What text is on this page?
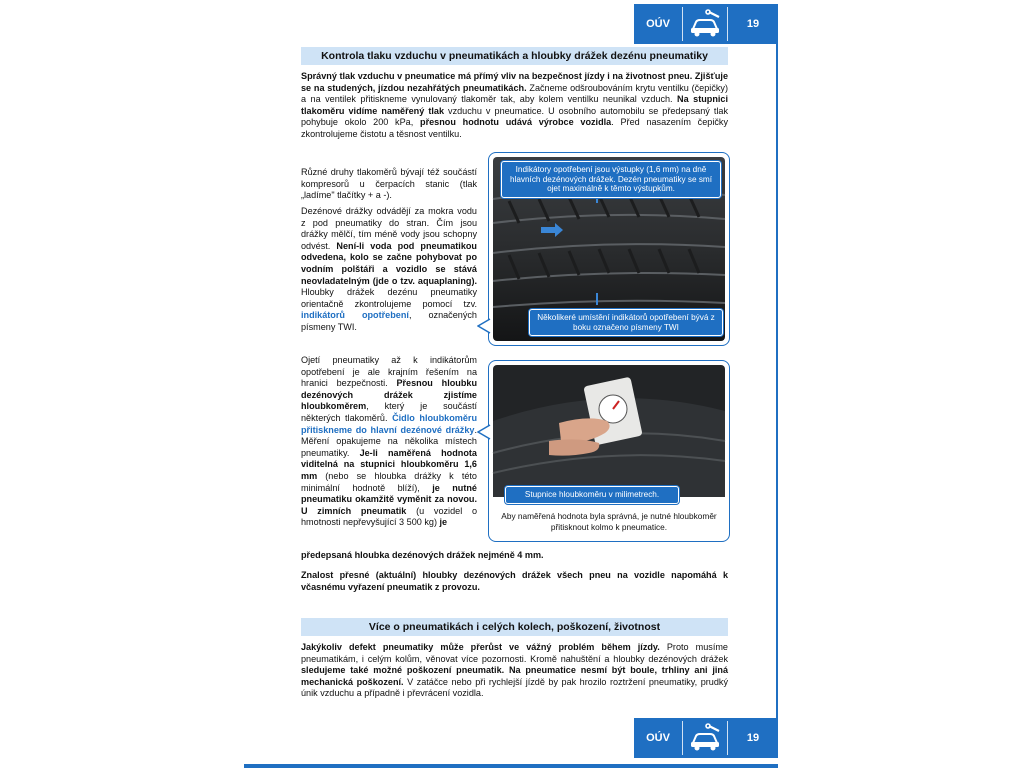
OÚV	19
Kontrola tlaku vzduchu v pneumatikách a hloubky drážek dezénu pneumatiky
Správný tlak vzduchu v pneumatice má přímý vliv na bezpečnost jízdy i na životnost pneu. Zjišťuje se na studených, jízdou nezahřátých pneumatikách. Začneme odšroubováním krytu ventilku (čepičky) a na ventilek přitiskneme vynulovaný tlakoměr tak, aby kolem ventilku neunikal vzduch. Na stupnici tlakoměru vidíme naměřený tlak vzduchu v pneumatice. U osobního automobilu se předepsaný tlak pohybuje okolo 200 kPa, přesnou hodnotu udává výrobce vozidla. Před nasazením čepičky zkontrolujeme čistotu a těsnost ventilku.
Různé druhy tlakoměrů bývají též součástí kompresorů u čerpacích stanic (tlak „ladíme" tlačítky + a -).
Dezénové drážky odvádějí za mokra vodu z pod pneumatiky do stran. Čím jsou drážky mělčí, tím méně vody jsou schopny odvést. Není-li voda pod pneumatikou odvedena, kolo se začne pohybovat po vodním polštáři a vozidlo se stává neovladatelným (jde o tzv. aquaplaning). Hloubky drážek dezénu pneumatiky orientačně zkontrolujeme pomocí tzv. indikátorů opotřebení, označených písmeny TWI.
Ojetí pneumatiky až k indikátorům opotřebení je ale krajním řešením na hranici bezpečnosti. Přesnou hloubku dezénových drážek zjistíme hloubkoměrem, který je součástí některých tlakoměrů. Čidlo hloubkoměru přitiskneme do hlavní dezénové drážky. Měření opakujeme na několika místech pneumatiky. Je-li naměřená hodnota viditelná na stupnici hloubkoměru 1,6 mm (nebo se hloubka drážky k této minimální hodnotě blíží), je nutné pneumatiku okamžitě vyměnit za novou. U zimních pneumatik (u vozidel o hmotnosti nepřevyšující 3 500 kg) je
předepsaná hloubka dezénových drážek nejméně 4 mm.
Znalost přesné (aktuální) hloubky dezénových drážek všech pneu na vozidle napomáhá k včasnému vyřazení pneumatik z provozu.
Indikátory opotřebení jsou výstupky (1,6 mm) na dně hlavních dezénových drážek. Dezén pneumatiky se smí ojet maximálně k těmto výstupkům.
Několikeré umístění indikátorů opotřebení bývá z boku označeno písmeny TWI
Stupnice hloubkoměru v milimetrech.
Aby naměřená hodnota byla správná, je nutné hloubkoměr přitisknout kolmo k pneumatice.
Více o pneumatikách i celých kolech, poškození, životnost
Jakýkoliv defekt pneumatiky může přerůst ve vážný problém během jízdy. Proto musíme pneumatikám, i celým kolům, věnovat více pozornosti. Kromě nahuštění a hloubky dezénových drážek sledujeme také možné poškození pneumatik. Na pneumatice nesmí být boule, trhliny ani jiná mechanická poškození. V zatáčce nebo při rychlejší jízdě by pak hrozilo roztržení pneumatiky, prudký únik vzduchu a případně i převrácení vozidla.
OÚV	19
